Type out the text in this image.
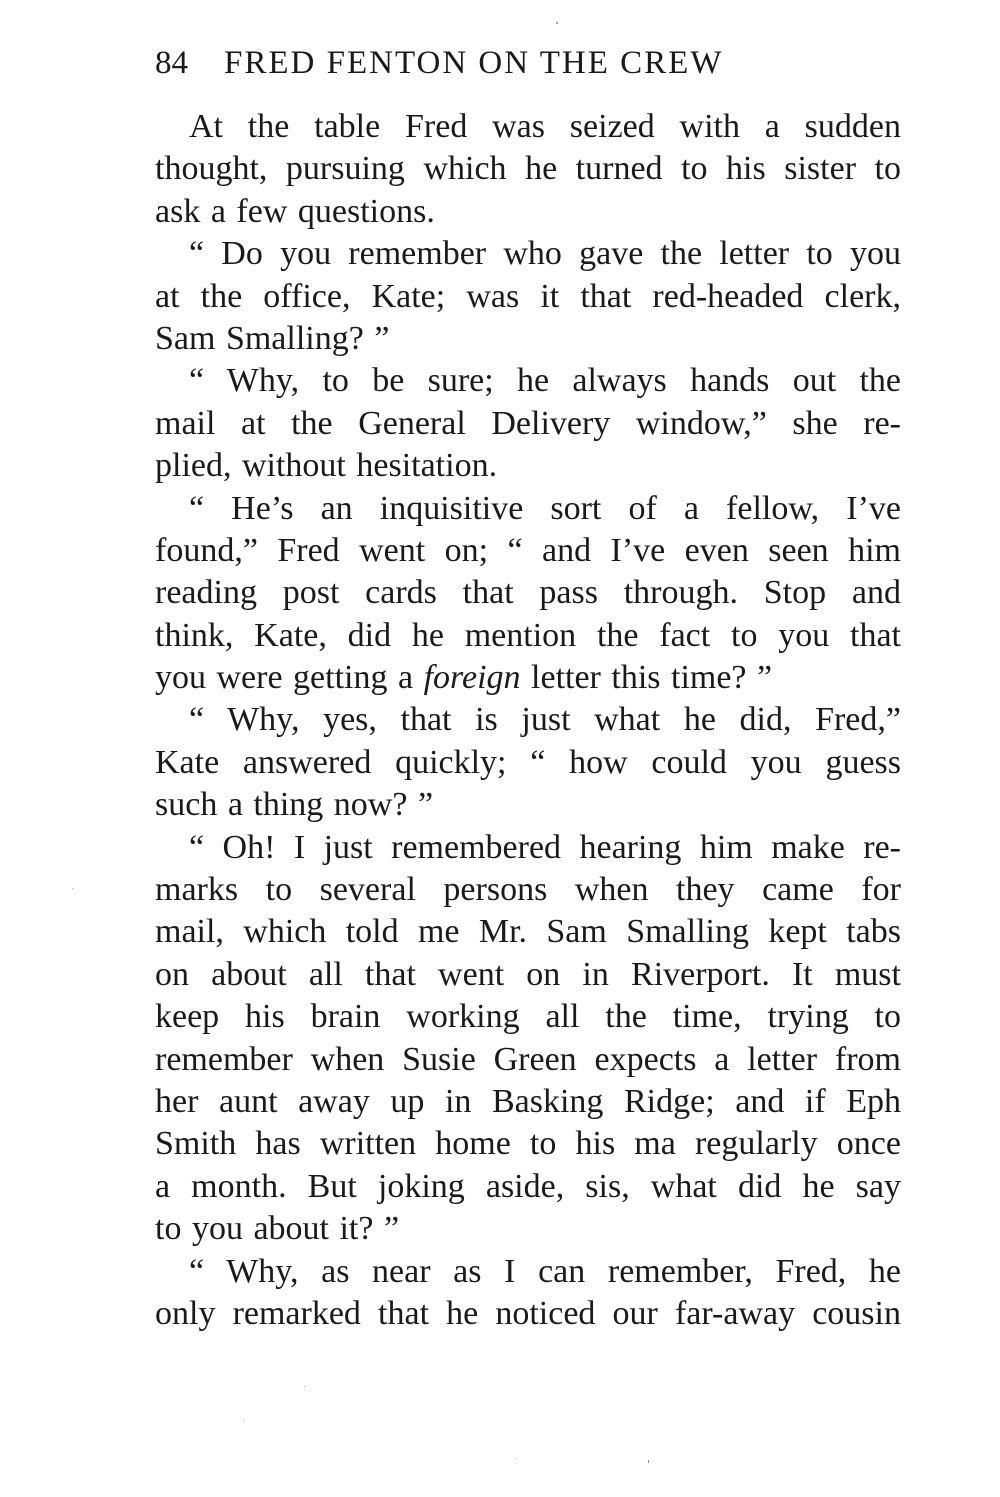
84 FRED FENTON ON THE CREW
At the table Fred was seized with a sudden
thought, pursuing which he turned to his sister to
ask a few questions.
“ Do you remember who gave the letter to you
at the office, Kate; was it that red-headed clerk,
Sam Smalling? ”
“ Why, to be sure; he always hands out the
mail at the General Delivery window,” she re-
plied, without hesitation.
“ He’s an inquisitive sort of a fellow, I’ve
found,” Fred went on; “ and I’ve even seen him
reading post cards that pass through. Stop and
think, Kate, did he mention the fact to you that
you were getting a foreign letter this time? ”
“ Why, yes, that is just what he did, Fred,”
Kate answered quickly; “ how could you guess
such a thing now? ”
“ Oh! I just remembered hearing him make re-
marks to several persons when they came for
mail, which told me Mr. Sam Smalling kept tabs
on about all that went on in Riverport. It must
keep his brain working all the time, trying to
remember when Susie Green expects a letter from
her aunt away up in Basking Ridge; and if Eph
Smith has written home to his ma regularly once
a month. But joking aside, sis, what did he say
to you about it? ”
“ Why, as near as I can remember, Fred, he
only remarked that he noticed our far-away cousin
